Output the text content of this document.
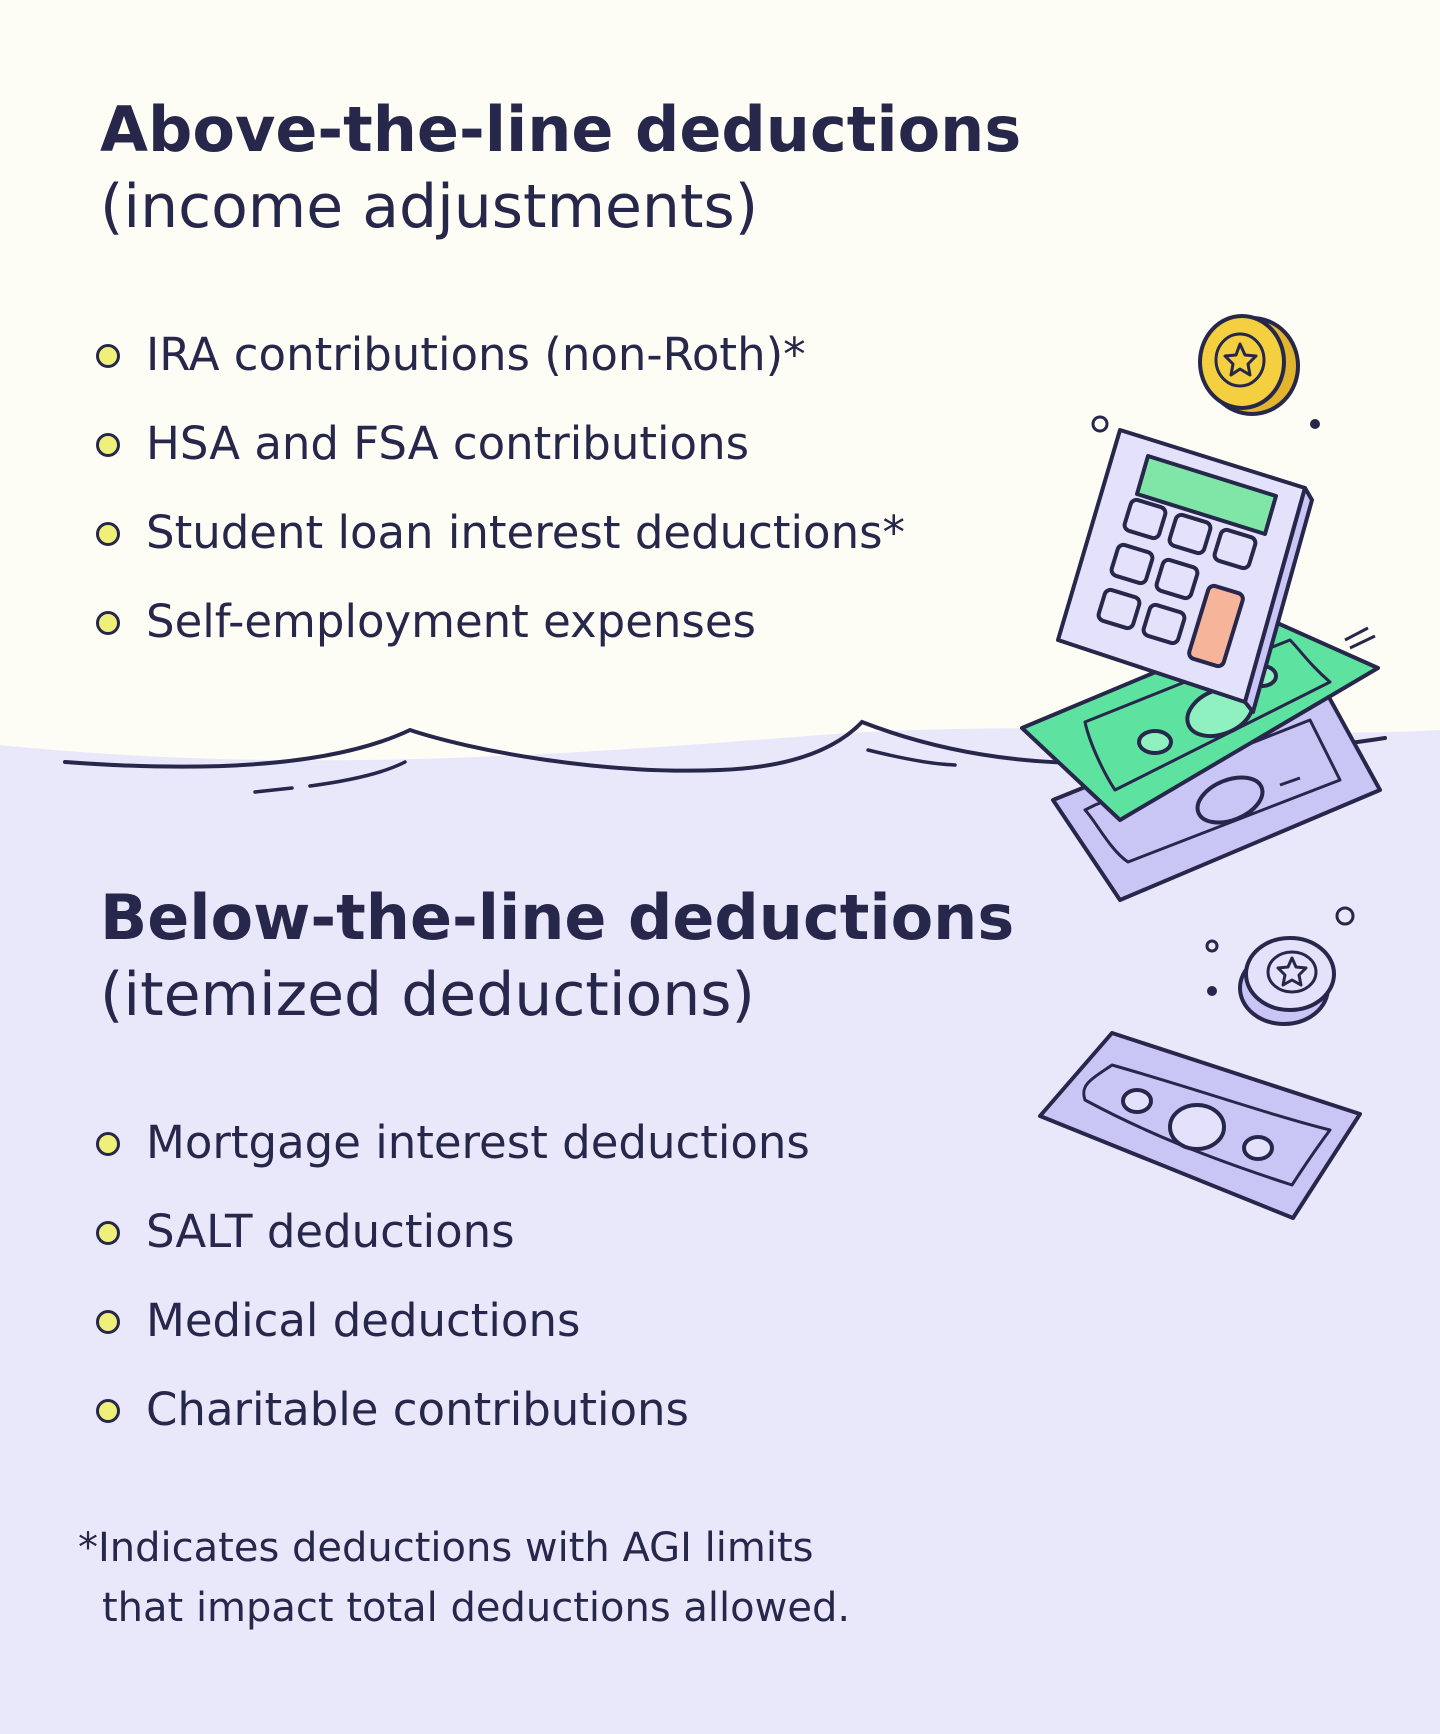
Above-the-line deductions

(income adjustments)

IRA contributions (non-Roth)*
HSA and FSA contributions
Student loan interest deductions*
Self-employment expenses
Below-the-line deductions

(itemized deductions)

Mortgage interest deductions
SALT deductions
Medical deductions
Charitable contributions

*Indicates deductions with AGI limits
that impact total deductions allowed.
